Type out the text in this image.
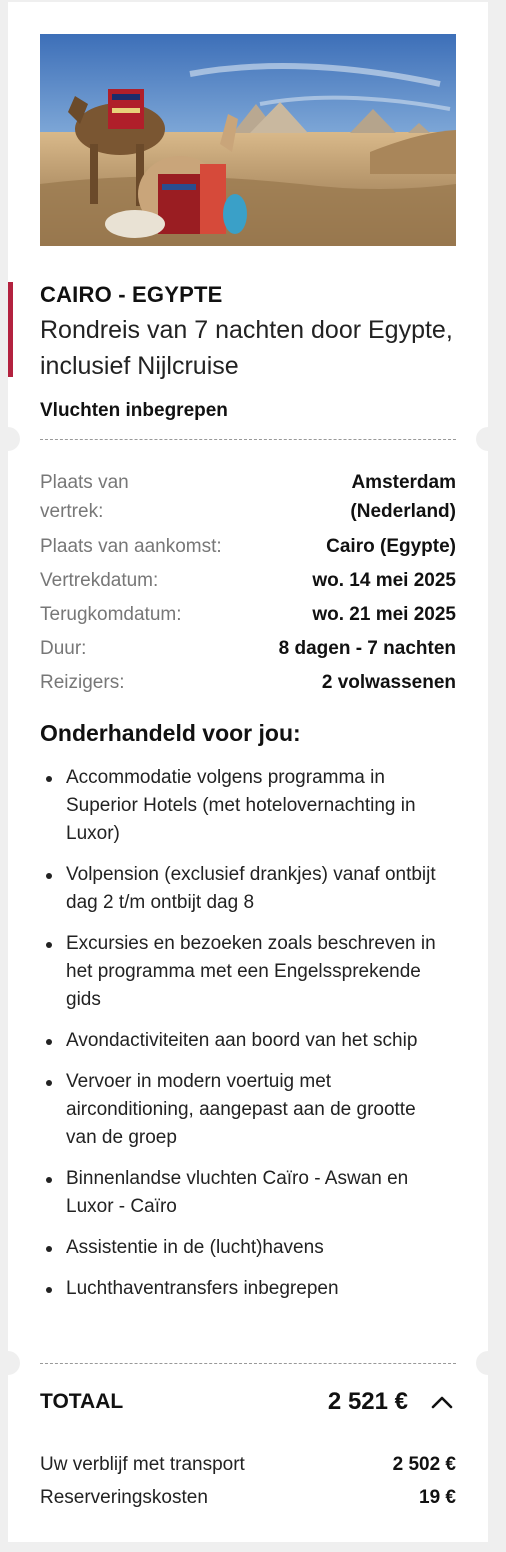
CAIRO - EGYPTE
Rondreis van 7 nachten door Egypte, inclusief Nijlcruise
Vluchten inbegrepen
Plaats van vertrek:
Amsterdam (Nederland)
Plaats van aankomst:	Cairo (Egypte)
Vertrekdatum:	wo. 14 mei 2025
Terugkomdatum:	wo. 21 mei 2025
Duur:	8 dagen - 7 nachten
Reizigers:	2 volwassenen
Onderhandeld voor jou:
Accommodatie volgens programma in Superior Hotels (met hotelovernachting in Luxor)
Volpension (exclusief drankjes) vanaf ontbijt dag 2 t/m ontbijt dag 8
Excursies en bezoeken zoals beschreven in het programma met een Engelssprekende gids
Avondactiviteiten aan boord van het schip
Vervoer in modern voertuig met airconditioning, aangepast aan de grootte van de groep
Binnenlandse vluchten Caïro - Aswan en Luxor - Caïro
Assistentie in de (lucht)havens
Luchthaventransfers inbegrepen
TOTAAL	2 521 €
Uw verblijf met transport	2 502 €
Reserveringskosten	19 €
